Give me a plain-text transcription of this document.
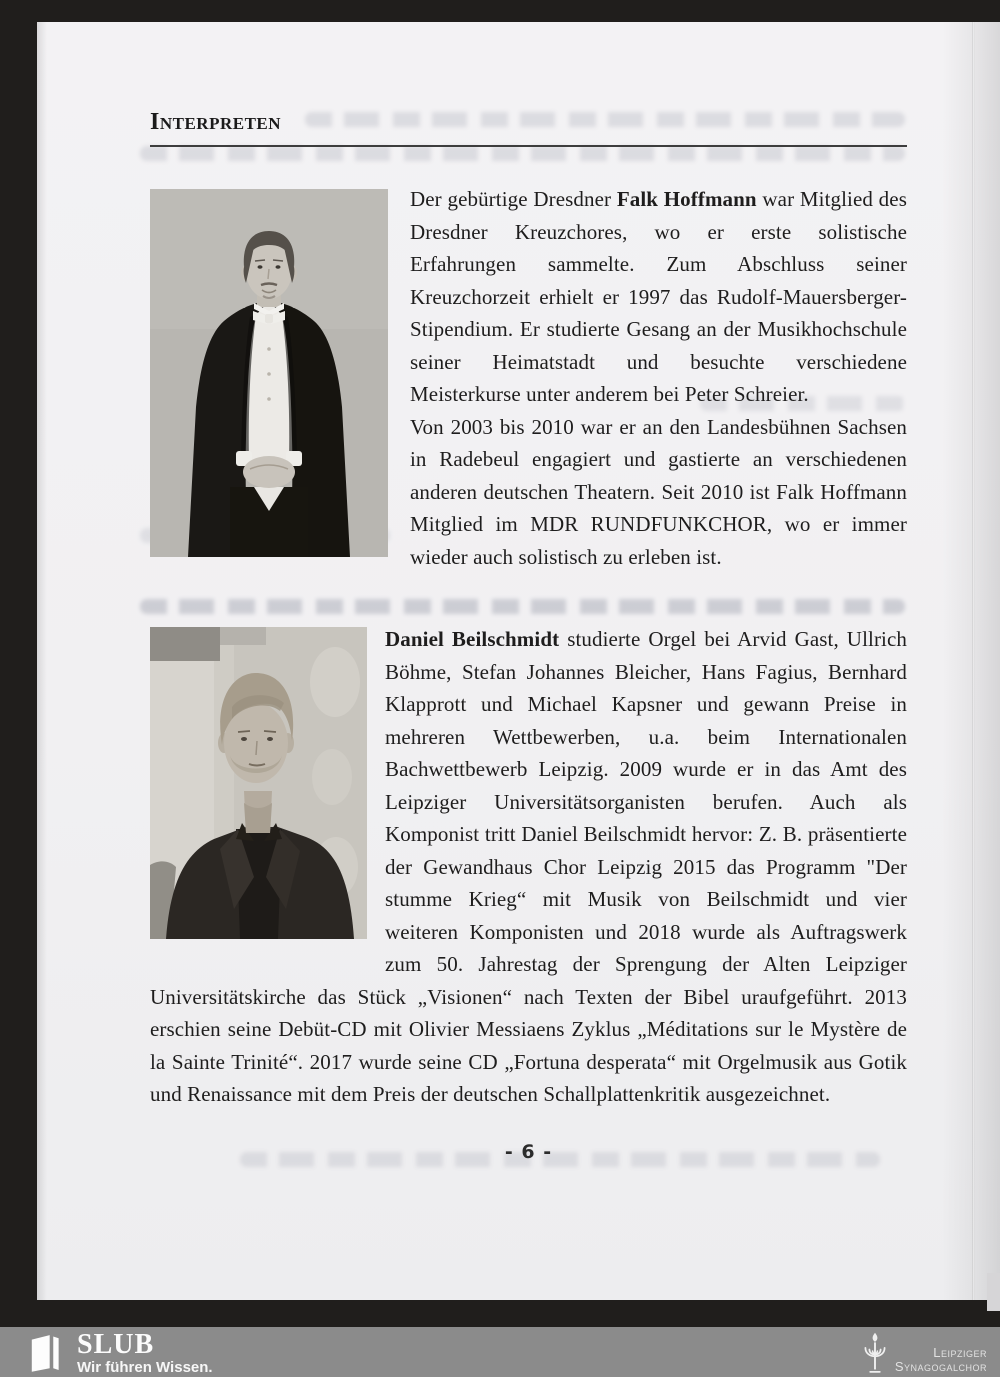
Interpreten

Der gebürtige Dresdner Falk Hoffmann war Mitglied des Dresdner Kreuzchores, wo er erste solistische Erfahrungen sammelte. Zum Abschluss seiner Kreuzchorzeit erhielt er 1997 das Rudolf-Mauersberger-Stipendium. Er studierte Gesang an der Musikhochschule seiner Heimatstadt und besuchte verschiedene Meisterkurse unter anderem bei Peter Schreier.

Von 2003 bis 2010 war er an den Landesbühnen Sachsen in Radebeul engagiert und gastierte an verschiedenen anderen deutschen Theatern. Seit 2010 ist Falk Hoffmann Mitglied im MDR RUNDFUNKCHOR, wo er immer wieder auch solistisch zu erleben ist.

Daniel Beilschmidt studierte Orgel bei Arvid Gast, Ullrich Böhme, Stefan Johannes Bleicher, Hans Fagius, Bernhard Klapprott und Michael Kapsner und gewann Preise in mehreren Wettbewerben, u.a. beim Internationalen Bachwettbewerb Leipzig. 2009 wurde er in das Amt des Leipziger Universitätsorganisten berufen. Auch als Komponist tritt Daniel Beilschmidt hervor: Z. B. präsentierte der Gewandhaus Chor Leipzig 2015 das Programm "Der stumme Krieg“ mit Musik von Beilschmidt und vier weiteren Komponisten und 2018 wurde als Auftragswerk zum 50. Jahrestag der Sprengung der Alten Leipziger Universitätskirche das Stück „Visionen“ nach Texten der Bibel uraufgeführt. 2013 erschien seine Debüt-CD mit Olivier Messiaens Zyklus „Méditations sur le Mystère de la Sainte Trinité“. 2017 wurde seine CD „Fortuna desperata“ mit Orgelmusik aus Gotik und Renaissance mit dem Preis der deutschen Schallplattenkritik ausgezeichnet.

- 6 -
SLUB
Wir führen Wissen.
Leipziger
Synagogalchor
